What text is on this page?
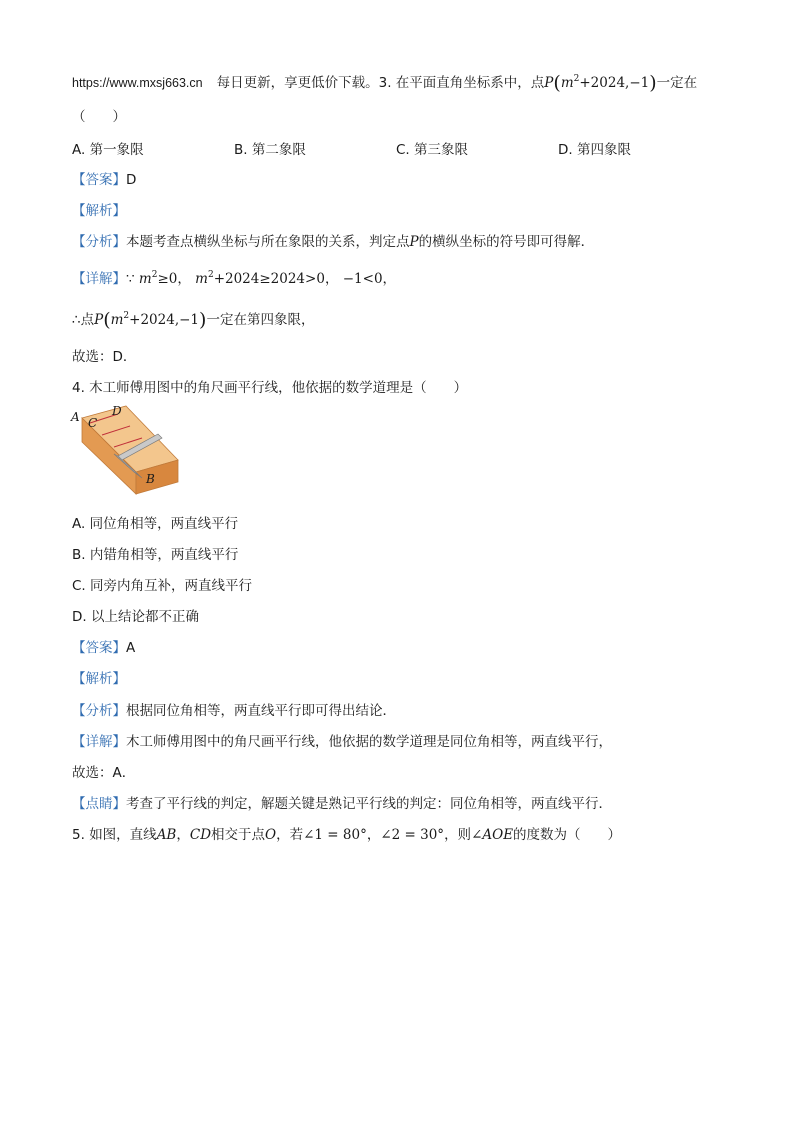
https://www.mxsj663.cn 每日更新，享更低价下载。3. 在平面直角坐标系中，点$P(m^2+2024,-1)$一定在
（　　）
A. 第一象限	B. 第二象限	C. 第三象限	D. 第四象限
【答案】D
【解析】
【分析】本题考查点横纵坐标与所在象限的关系，判定点P的横纵坐标的符号即可得解．
【详解】∵ $m^2\ge 0$， $m^2+2024\ge 2024>0$， −1<0，
∴点$P(m^2+2024,-1)$一定在第四象限，
故选：D．
4. 木工师傅用图中的角尺画平行线，他依据的数学道理是（　　）
A C
D
B
A. 同位角相等，两直线平行
B. 内错角相等，两直线平行
C. 同旁内角互补，两直线平行
D. 以上结论都不正确
【答案】A
【解析】
【分析】根据同位角相等，两直线平行即可得出结论．
【详解】木工师傅用图中的角尺画平行线，他依据的数学道理是同位角相等，两直线平行，
故选：A．
【点睛】考查了平行线的判定，解题关键是熟记平行线的判定：同位角相等，两直线平行．
5. 如图，直线AB，CD相交于点O，若∠1 = 80°，∠2 = 30°，则∠AOE的度数为（　　）
